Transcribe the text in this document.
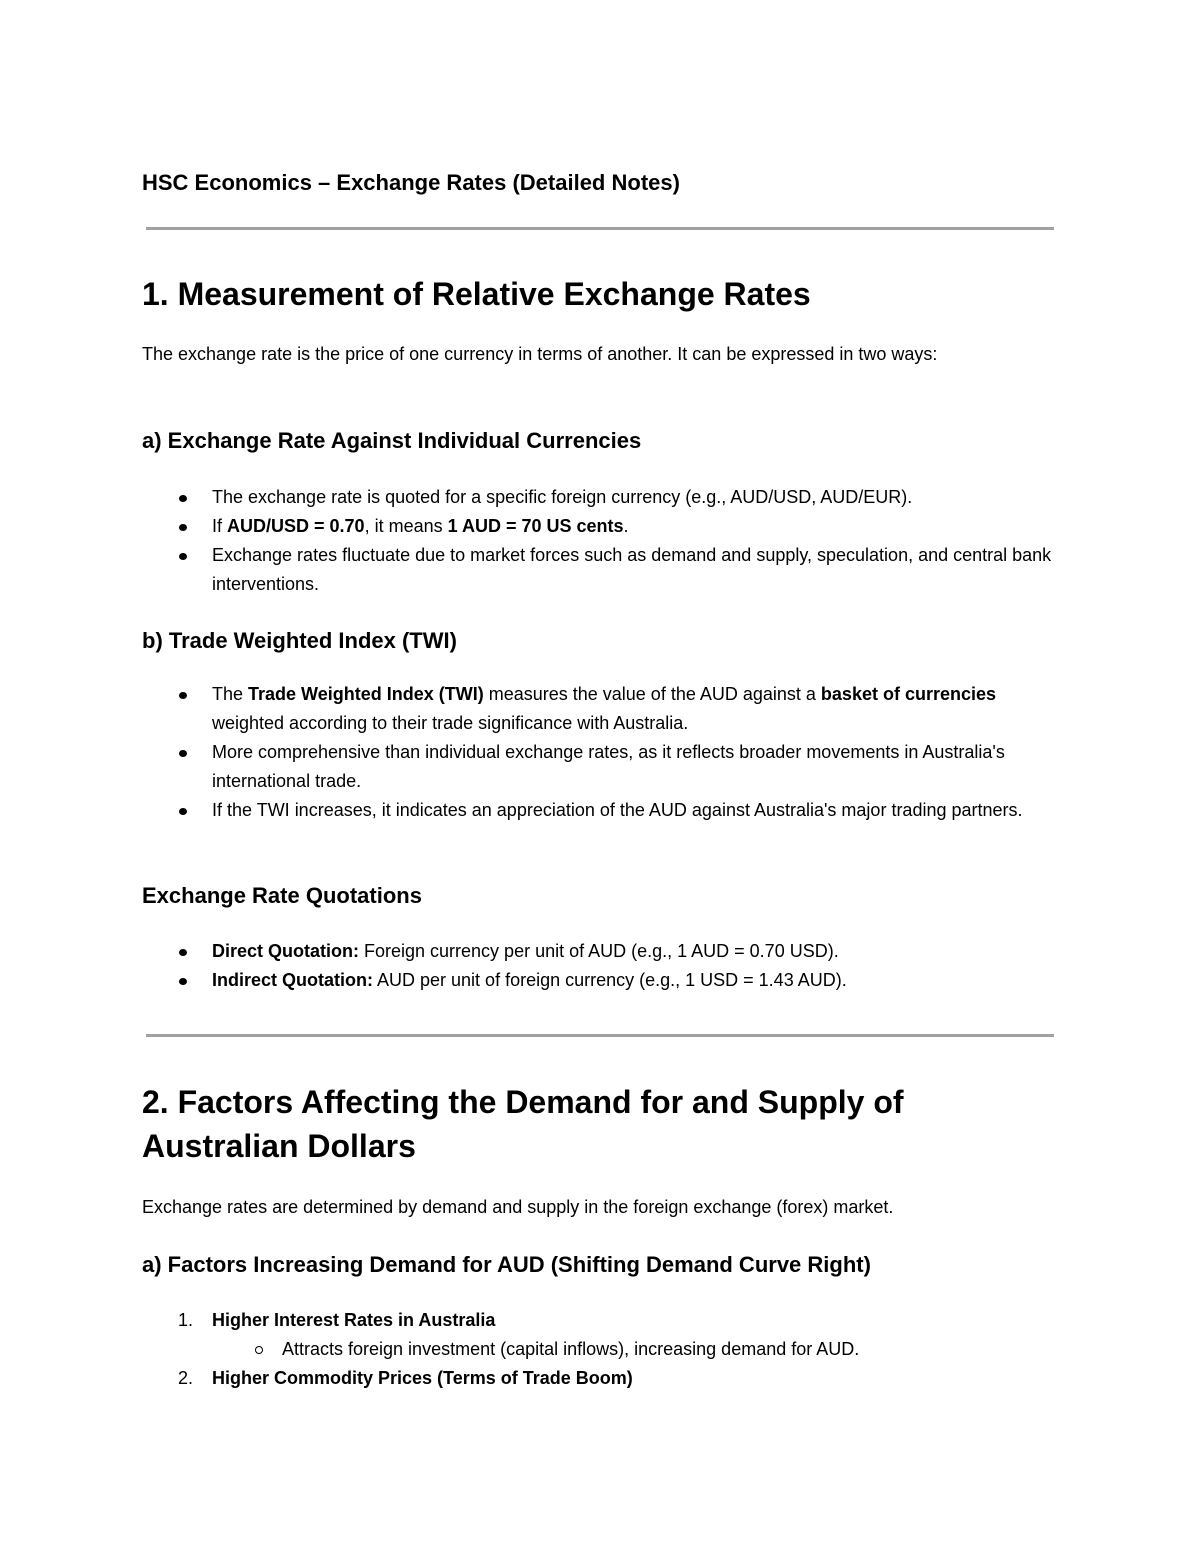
HSC Economics – Exchange Rates (Detailed Notes)
1. Measurement of Relative Exchange Rates

The exchange rate is the price of one currency in terms of another. It can be expressed in two ways:

a) Exchange Rate Against Individual Currencies
The exchange rate is quoted for a specific foreign currency (e.g., AUD/USD, AUD/EUR).
If AUD/USD = 0.70, it means 1 AUD = 70 US cents.
Exchange rates fluctuate due to market forces such as demand and supply, speculation, and central bank interventions.
b) Trade Weighted Index (TWI)
The Trade Weighted Index (TWI) measures the value of the AUD against a basket of currencies weighted according to their trade significance with Australia.
More comprehensive than individual exchange rates, as it reflects broader movements in Australia's international trade.
If the TWI increases, it indicates an appreciation of the AUD against Australia's major trading partners.
Exchange Rate Quotations
Direct Quotation: Foreign currency per unit of AUD (e.g., 1 AUD = 0.70 USD).
Indirect Quotation: AUD per unit of foreign currency (e.g., 1 USD = 1.43 AUD).
2. Factors Affecting the Demand for and Supply of
Australian Dollars

Exchange rates are determined by demand and supply in the foreign exchange (forex) market.

a) Factors Increasing Demand for AUD (Shifting Demand Curve Right)
1. Higher Interest Rates in Australia
Attracts foreign investment (capital inflows), increasing demand for AUD.
2. Higher Commodity Prices (Terms of Trade Boom)
